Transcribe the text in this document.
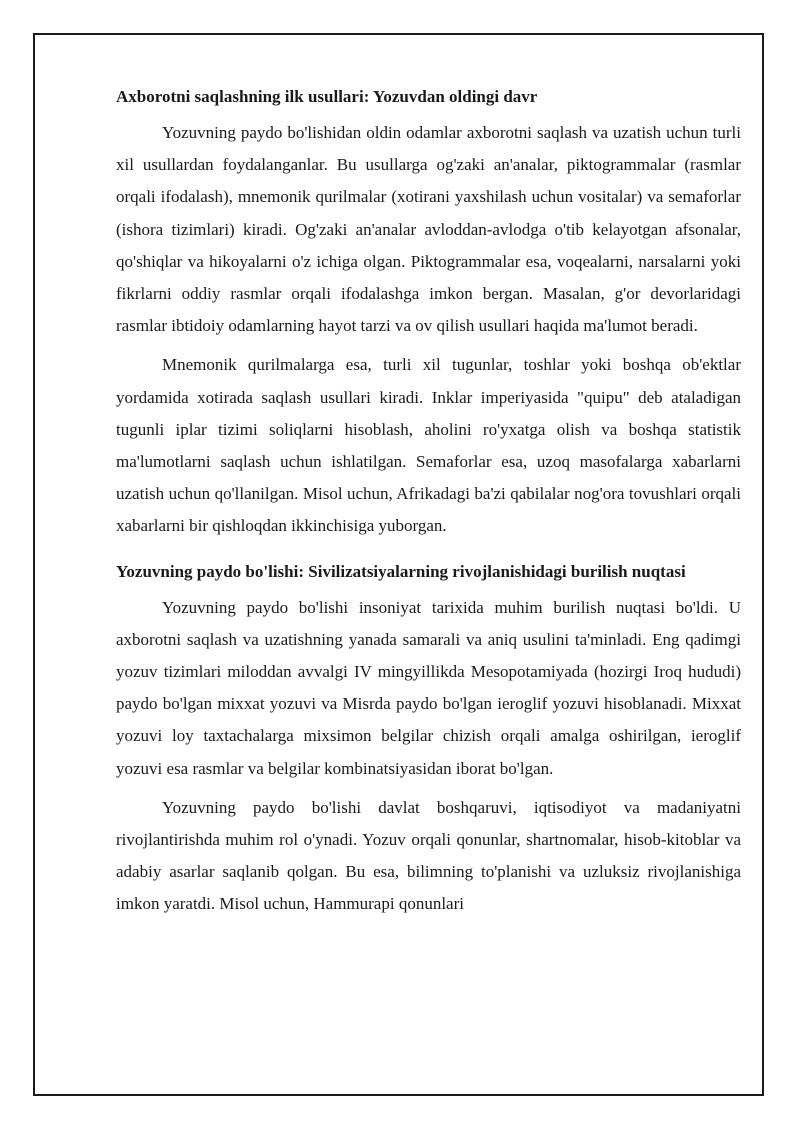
Axborotni saqlashning ilk usullari: Yozuvdan oldingi davr

Yozuvning paydo bo'lishidan oldin odamlar axborotni saqlash va uzatish uchun turli xil usullardan foydalanganlar. Bu usullarga og'zaki an'analar, piktogrammalar (rasmlar orqali ifodalash), mnemonik qurilmalar (xotirani yaxshilash uchun vositalar) va semaforlar (ishora tizimlari) kiradi. Og'zaki an'analar avloddan-avlodga o'tib kelayotgan afsonalar, qo'shiqlar va hikoyalarni o'z ichiga olgan. Piktogrammalar esa, voqealarni, narsalarni yoki fikrlarni oddiy rasmlar orqali ifodalashga imkon bergan. Masalan, g'or devorlaridagi rasmlar ibtidoiy odamlarning hayot tarzi va ov qilish usullari haqida ma'lumot beradi.

Mnemonik qurilmalarga esa, turli xil tugunlar, toshlar yoki boshqa ob'ektlar yordamida xotirada saqlash usullari kiradi. Inklar imperiyasida "quipu" deb ataladigan tugunli iplar tizimi soliqlarni hisoblash, aholini ro'yxatga olish va boshqa statistik ma'lumotlarni saqlash uchun ishlatilgan. Semaforlar esa, uzoq masofalarga xabarlarni uzatish uchun qo'llanilgan. Misol uchun, Afrikadagi ba'zi qabilalar nog'ora tovushlari orqali xabarlarni bir qishloqdan ikkinchisiga yuborgan.

Yozuvning paydo bo'lishi: Sivilizatsiyalarning rivojlanishidagi burilish nuqtasi

Yozuvning paydo bo'lishi insoniyat tarixida muhim burilish nuqtasi bo'ldi. U axborotni saqlash va uzatishning yanada samarali va aniq usulini ta'minladi. Eng qadimgi yozuv tizimlari miloddan avvalgi IV mingyillikda Mesopotamiyada (hozirgi Iroq hududi) paydo bo'lgan mixxat yozuvi va Misrda paydo bo'lgan ieroglif yozuvi hisoblanadi. Mixxat yozuvi loy taxtachalarga mixsimon belgilar chizish orqali amalga oshirilgan, ieroglif yozuvi esa rasmlar va belgilar kombinatsiyasidan iborat bo'lgan.

Yozuvning paydo bo'lishi davlat boshqaruvi, iqtisodiyot va madaniyatni rivojlantirishda muhim rol o'ynadi. Yozuv orqali qonunlar, shartnomalar, hisob-kitoblar va adabiy asarlar saqlanib qolgan. Bu esa, bilimning to'planishi va uzluksiz rivojlanishiga imkon yaratdi. Misol uchun, Hammurapi qonunlari
